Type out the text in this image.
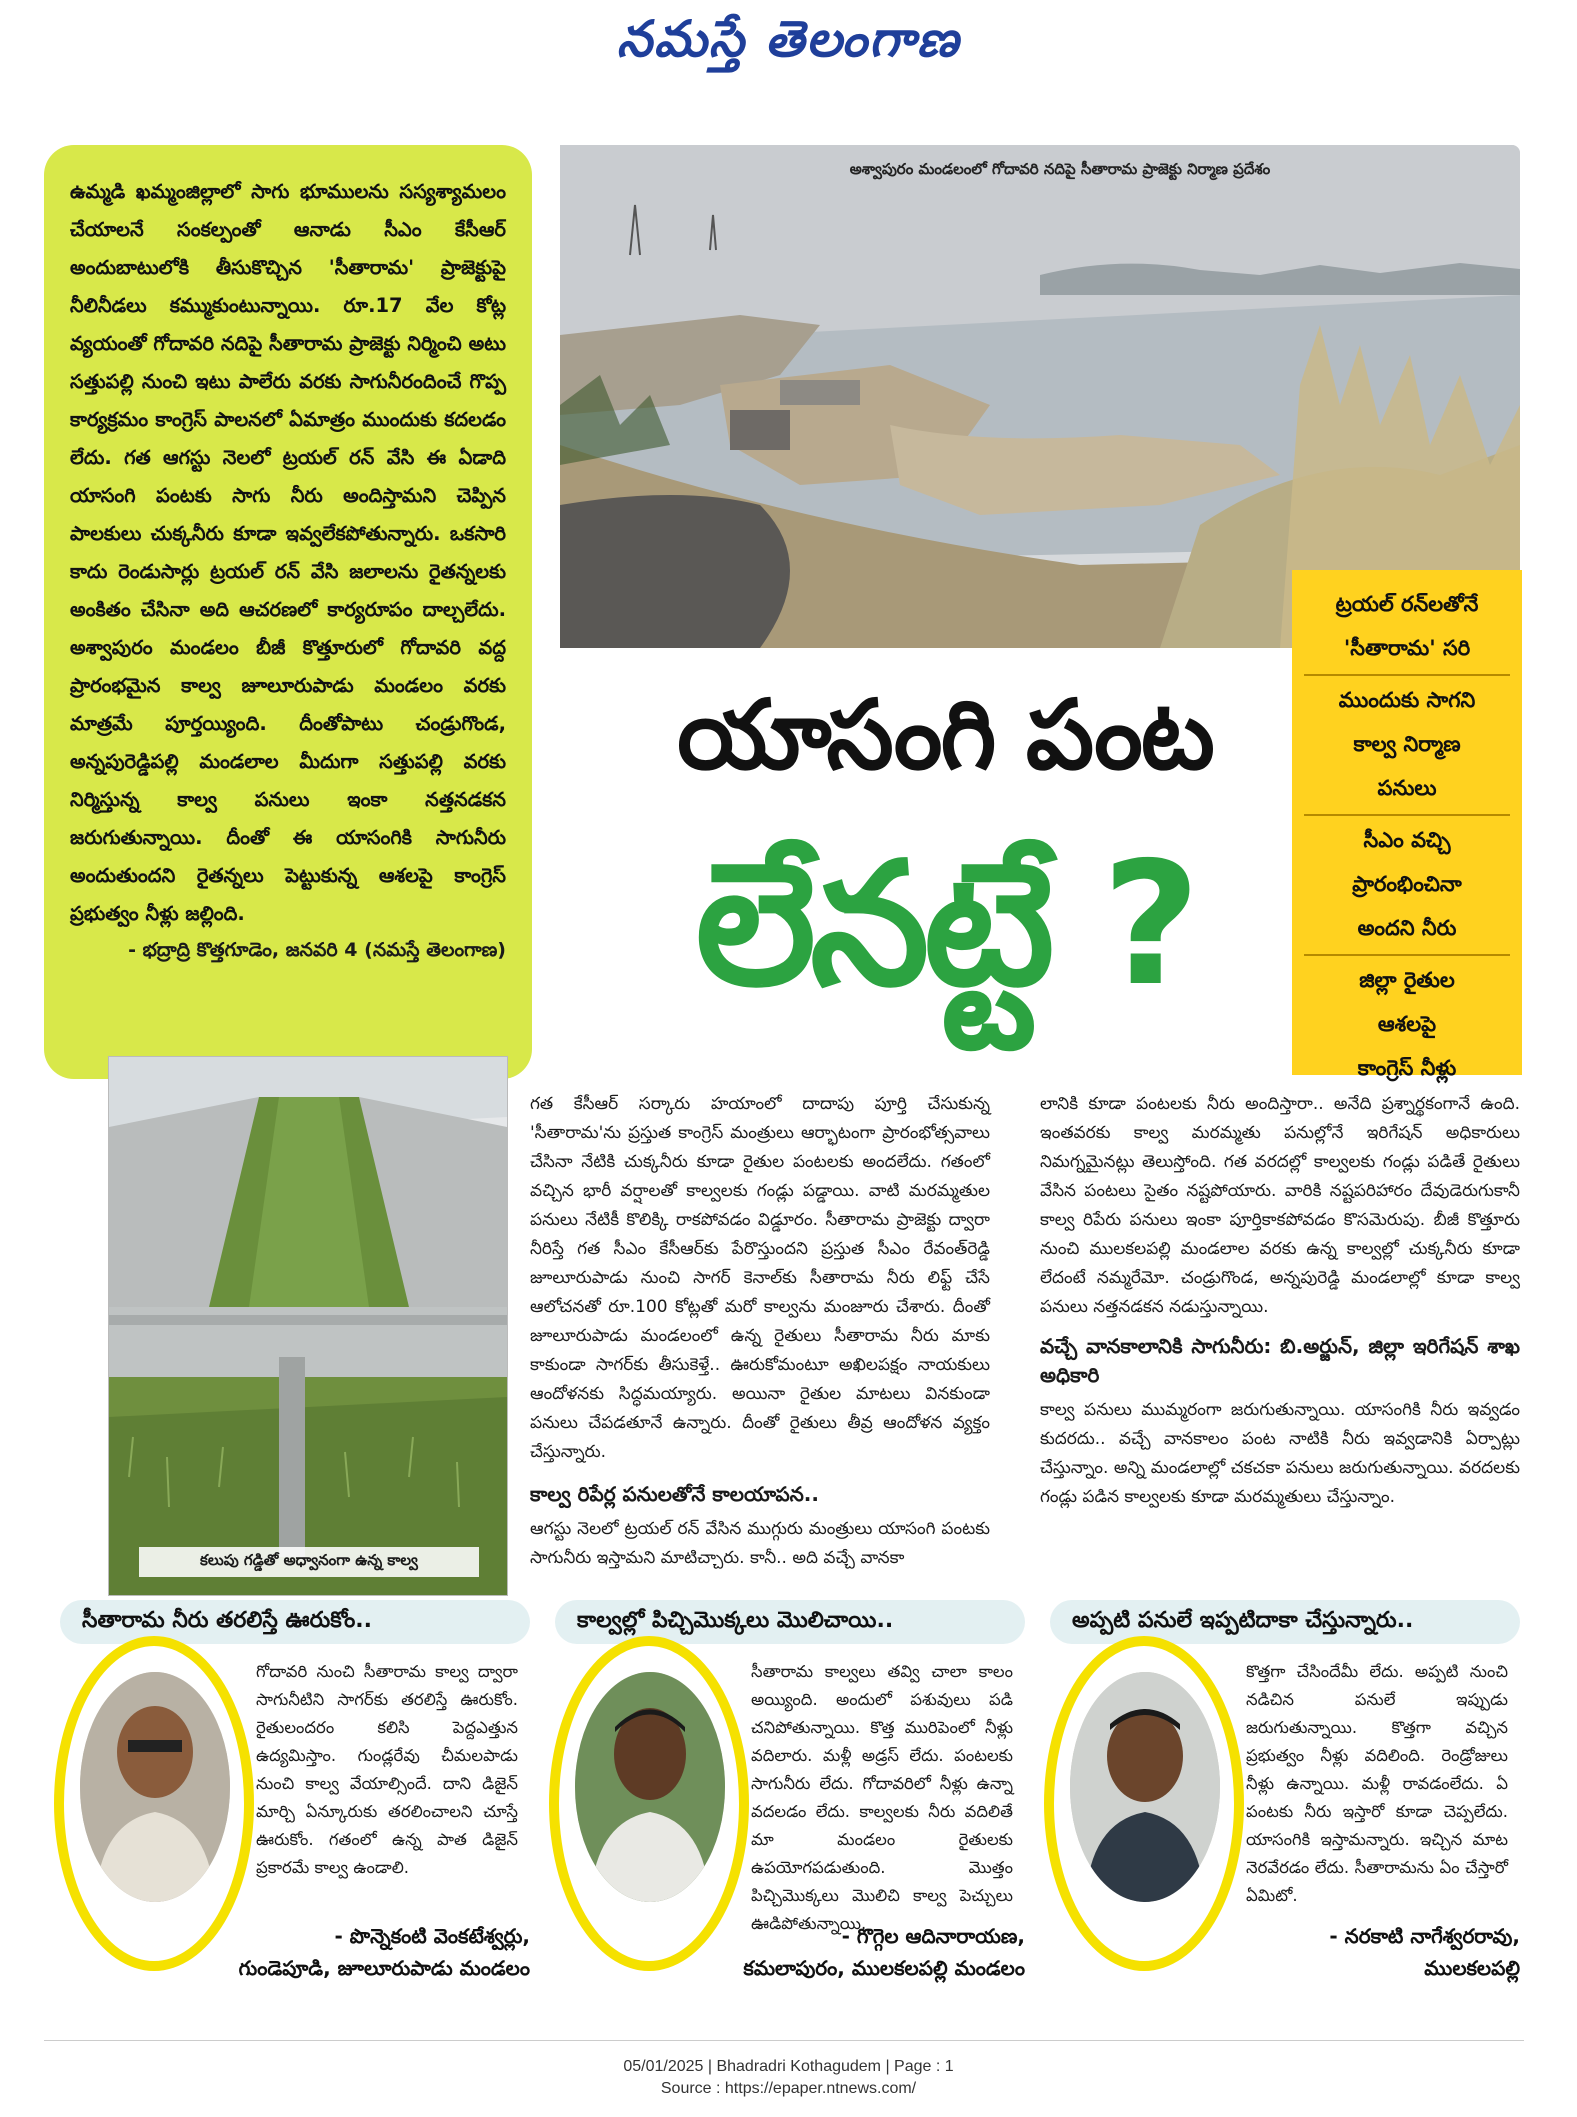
నమస్తే తెలంగాణ

ఉమ్మడి ఖమ్మంజిల్లాలో సాగు భూములను సస్యశ్యామలం చేయాలనే సంకల్పంతో ఆనాడు సీఎం కేసీఆర్ అందుబాటులోకి తీసుకొచ్చిన 'సీతారామ' ప్రాజెక్టుపై నీలినీడలు కమ్ముకుంటున్నాయి. రూ.17 వేల కోట్ల వ్యయంతో గోదావరి నదిపై సీతారామ ప్రాజెక్టు నిర్మించి అటు సత్తుపల్లి నుంచి ఇటు పాలేరు వరకు సాగునీరందించే గొప్ప కార్యక్రమం కాంగ్రెస్ పాలనలో ఏమాత్రం ముందుకు కదలడం లేదు. గత ఆగస్టు నెలలో ట్రయల్ రన్ వేసి ఈ ఏడాది యాసంగి పంటకు సాగు నీరు అందిస్తామని చెప్పిన పాలకులు చుక్కనీరు కూడా ఇవ్వలేకపోతున్నారు. ఒకసారి కాదు రెండుసార్లు ట్రయల్ రన్ వేసి జలాలను రైతన్నలకు అంకితం చేసినా అది ఆచరణలో కార్యరూపం దాల్చలేదు. అశ్వాపురం మండలం బీజీ కొత్తూరులో గోదావరి వద్ద ప్రారంభమైన కాల్వ జూలూరుపాడు మండలం వరకు మాత్రమే పూర్తయ్యింది. దీంతోపాటు చండ్రుగొండ, అన్నపురెడ్డిపల్లి మండలాల మీదుగా సత్తుపల్లి వరకు నిర్మిస్తున్న కాల్వ పనులు ఇంకా నత్తనడకన జరుగుతున్నాయి. దీంతో ఈ యాసంగికి సాగునీరు అందుతుందని రైతన్నలు పెట్టుకున్న ఆశలపై కాంగ్రెస్ ప్రభుత్వం నీళ్లు జల్లింది.

- భద్రాద్రి కొత్తగూడెం, జనవరి 4 (నమస్తే తెలంగాణ)
అశ్వాపురం మండలంలో గోదావరి నదిపై సీతారామ ప్రాజెక్టు నిర్మాణ ప్రదేశం
ట్రయల్ రన్‌లతోనే
'సీతారామ' సరి
ముందుకు సాగని
కాల్వ నిర్మాణ
పనులు
సీఎం వచ్చి
ప్రారంభించినా
అందని నీరు
జిల్లా రైతుల
ఆశలపై
కాంగ్రెస్ నీళ్లు
యాసంగి పంట
లేనట్టే ?
కలుపు గడ్డితో అధ్వానంగా ఉన్న కాల్వ

గత కేసీఆర్ సర్కారు హయాంలో దాదాపు పూర్తి చేసుకున్న 'సీతారామ'ను ప్రస్తుత కాంగ్రెస్ మంత్రులు ఆర్భాటంగా ప్రారంభోత్సవాలు చేసినా నేటికి చుక్కనీరు కూడా రైతుల పంటలకు అందలేదు. గతంలో వచ్చిన భారీ వర్షాలతో కాల్వలకు గండ్లు పడ్డాయి. వాటి మరమ్మతుల పనులు నేటికీ కొలిక్కి రాకపోవడం విడ్డూరం. సీతారామ ప్రాజెక్టు ద్వారా నీరిస్తే గత సీఎం కేసీఆర్‌కు పేరొస్తుందని ప్రస్తుత సీఎం రేవంత్‌రెడ్డి జూలూరుపాడు నుంచి సాగర్ కెనాల్‌కు సీతారామ నీరు లిఫ్ట్ చేసే ఆలోచనతో రూ.100 కోట్లతో మరో కాల్వను మంజూరు చేశారు. దీంతో జూలూరుపాడు మండలంలో ఉన్న రైతులు సీతారామ నీరు మాకు కాకుండా సాగర్‌కు తీసుకెళ్తే.. ఊరుకోమంటూ అఖిలపక్షం నాయకులు ఆందోళనకు సిద్ధమయ్యారు. అయినా రైతుల మాటలు వినకుండా పనులు చేపడతూనే ఉన్నారు. దీంతో రైతులు తీవ్ర ఆందోళన వ్యక్తం చేస్తున్నారు.

కాల్వ రిపేర్ల పనులతోనే కాలయాపన..

ఆగస్టు నెలలో ట్రయల్ రన్ వేసిన ముగ్గురు మంత్రులు యాసంగి పంటకు సాగునీరు ఇస్తామని మాటిచ్చారు. కానీ.. అది వచ్చే వానకా

లానికి కూడా పంటలకు నీరు అందిస్తారా.. అనేది ప్రశ్నార్థకంగానే ఉంది. ఇంతవరకు కాల్వ మరమ్మతు పనుల్లోనే ఇరిగేషన్ అధికారులు నిమగ్నమైనట్లు తెలుస్తోంది. గత వరదల్లో కాల్వలకు గండ్లు పడితే రైతులు వేసిన పంటలు సైతం నష్టపోయారు. వారికి నష్టపరిహారం దేవుడెరుగుకానీ కాల్వ రిపేరు పనులు ఇంకా పూర్తికాకపోవడం కొసమెరుపు. బీజీ కొత్తూరు నుంచి ములకలపల్లి మండలాల వరకు ఉన్న కాల్వల్లో చుక్కనీరు కూడా లేదంటే నమ్మరేమో. చండ్రుగొండ, అన్నపురెడ్డి మండలాల్లో కూడా కాల్వ పనులు నత్తనడకన నడుస్తున్నాయి.

వచ్చే వానకాలానికి సాగునీరు: బి.అర్జున్, జిల్లా ఇరిగేషన్ శాఖ అధికారి

కాల్వ పనులు ముమ్మరంగా జరుగుతున్నాయి. యాసంగికి నీరు ఇవ్వడం కుదరదు.. వచ్చే వానకాలం పంట నాటికి నీరు ఇవ్వడానికి ఏర్పాట్లు చేస్తున్నాం. అన్ని మండలాల్లో చకచకా పనులు జరుగుతున్నాయి. వరదలకు గండ్లు పడిన కాల్వలకు కూడా మరమ్మతులు చేస్తున్నాం.

సీతారామ నీరు తరలిస్తే ఊరుకోం..
గోదావరి నుంచి సీతారామ కాల్వ ద్వారా సాగునీటిని సాగర్‌కు తరలిస్తే ఊరుకోం. రైతులందరం కలిసి పెద్దఎత్తున ఉద్యమిస్తాం. గుండ్లరేవు చీమలపాడు నుంచి కాల్వ వేయాల్సిందే. దాని డిజైన్ మార్చి ఏన్కూరుకు తరలించాలని చూస్తే ఊరుకోం. గతంలో ఉన్న పాత డిజైన్ ప్రకారమే కాల్వ ఉండాలి.
- పొన్నెకంటి వెంకటేశ్వర్లు,
గుండెపూడి, జూలూరుపాడు మండలం
కాల్వల్లో పిచ్చిమొక్కలు మొలిచాయి..
సీతారామ కాల్వలు తవ్వి చాలా కాలం అయ్యింది. అందులో పశువులు పడి చనిపోతున్నాయి. కొత్త మురిపెంలో నీళ్లు వదిలారు. మళ్లీ అడ్రస్ లేదు. పంటలకు సాగునీరు లేదు. గోదావరిలో నీళ్లు ఉన్నా వదలడం లేదు. కాల్వలకు నీరు వదిలితే మా మండలం రైతులకు ఉపయోగపడుతుంది. మొత్తం పిచ్చిమొక్కలు మొలిచి కాల్వ పెచ్చులు ఊడిపోతున్నాయి.
- గొగ్గెల ఆదినారాయణ,
కమలాపురం, ములకలపల్లి మండలం
అప్పటి పనులే ఇప్పటిదాకా చేస్తున్నారు..
కొత్తగా చేసిందేమీ లేదు. అప్పటి నుంచి నడిచిన పనులే ఇప్పుడు జరుగుతున్నాయి. కొత్తగా వచ్చిన ప్రభుత్వం నీళ్లు వదిలింది. రెండ్రోజులు నీళ్లు ఉన్నాయి. మళ్లీ రావడంలేదు. ఏ పంటకు నీరు ఇస్తారో కూడా చెప్పలేదు. యాసంగికి ఇస్తామన్నారు. ఇచ్చిన మాట నెరవేరడం లేదు. సీతారామను ఏం చేస్తారో ఏమిటో.
- నరకాటి నాగేశ్వరరావు,
ములకలపల్లి
05/01/2025 | Bhadradri Kothagudem | Page : 1
Source : https://epaper.ntnews.com/
